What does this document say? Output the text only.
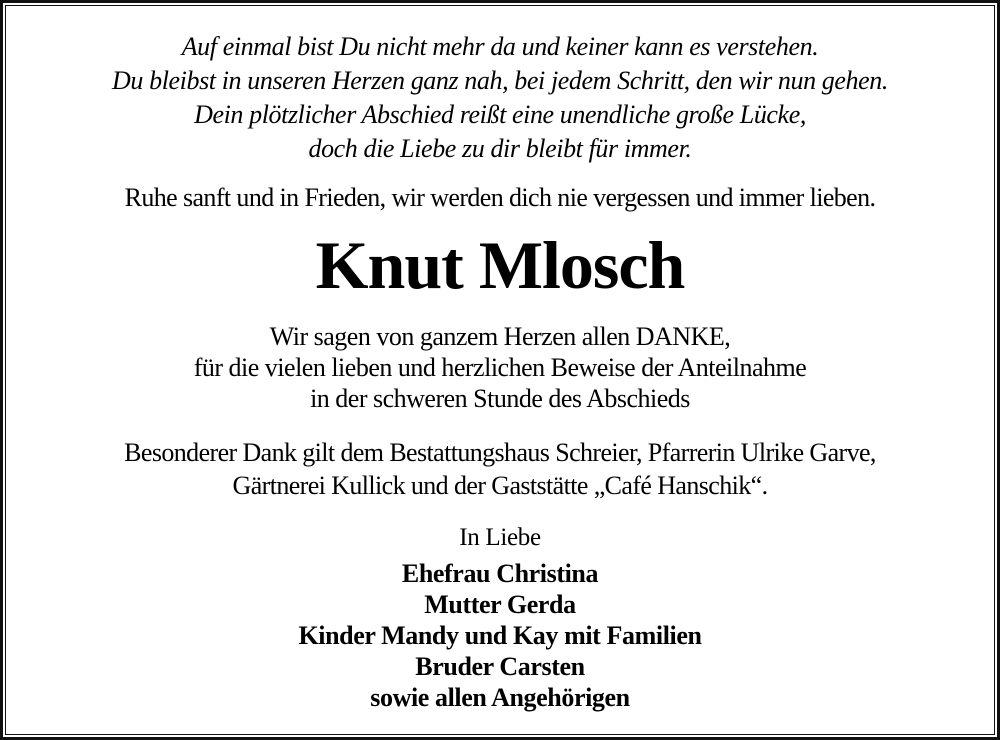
Auf einmal bist Du nicht mehr da und keiner kann es verstehen.

Du bleibst in unseren Herzen ganz nah, bei jedem Schritt, den wir nun gehen.

Dein plötzlicher Abschied reißt eine unendliche große Lücke,

doch die Liebe zu dir bleibt für immer.

Ruhe sanft und in Frieden, wir werden dich nie vergessen und immer lieben.

Knut Mlosch

Wir sagen von ganzem Herzen allen DANKE,

für die vielen lieben und herzlichen Beweise der Anteilnahme

in der schweren Stunde des Abschieds

Besonderer Dank gilt dem Bestattungshaus Schreier, Pfarrerin Ulrike Garve,

Gärtnerei Kullick und der Gaststätte „Café Hanschik“.

In Liebe

Ehefrau Christina

Mutter Gerda

Kinder Mandy und Kay mit Familien

Bruder Carsten

sowie allen Angehörigen
